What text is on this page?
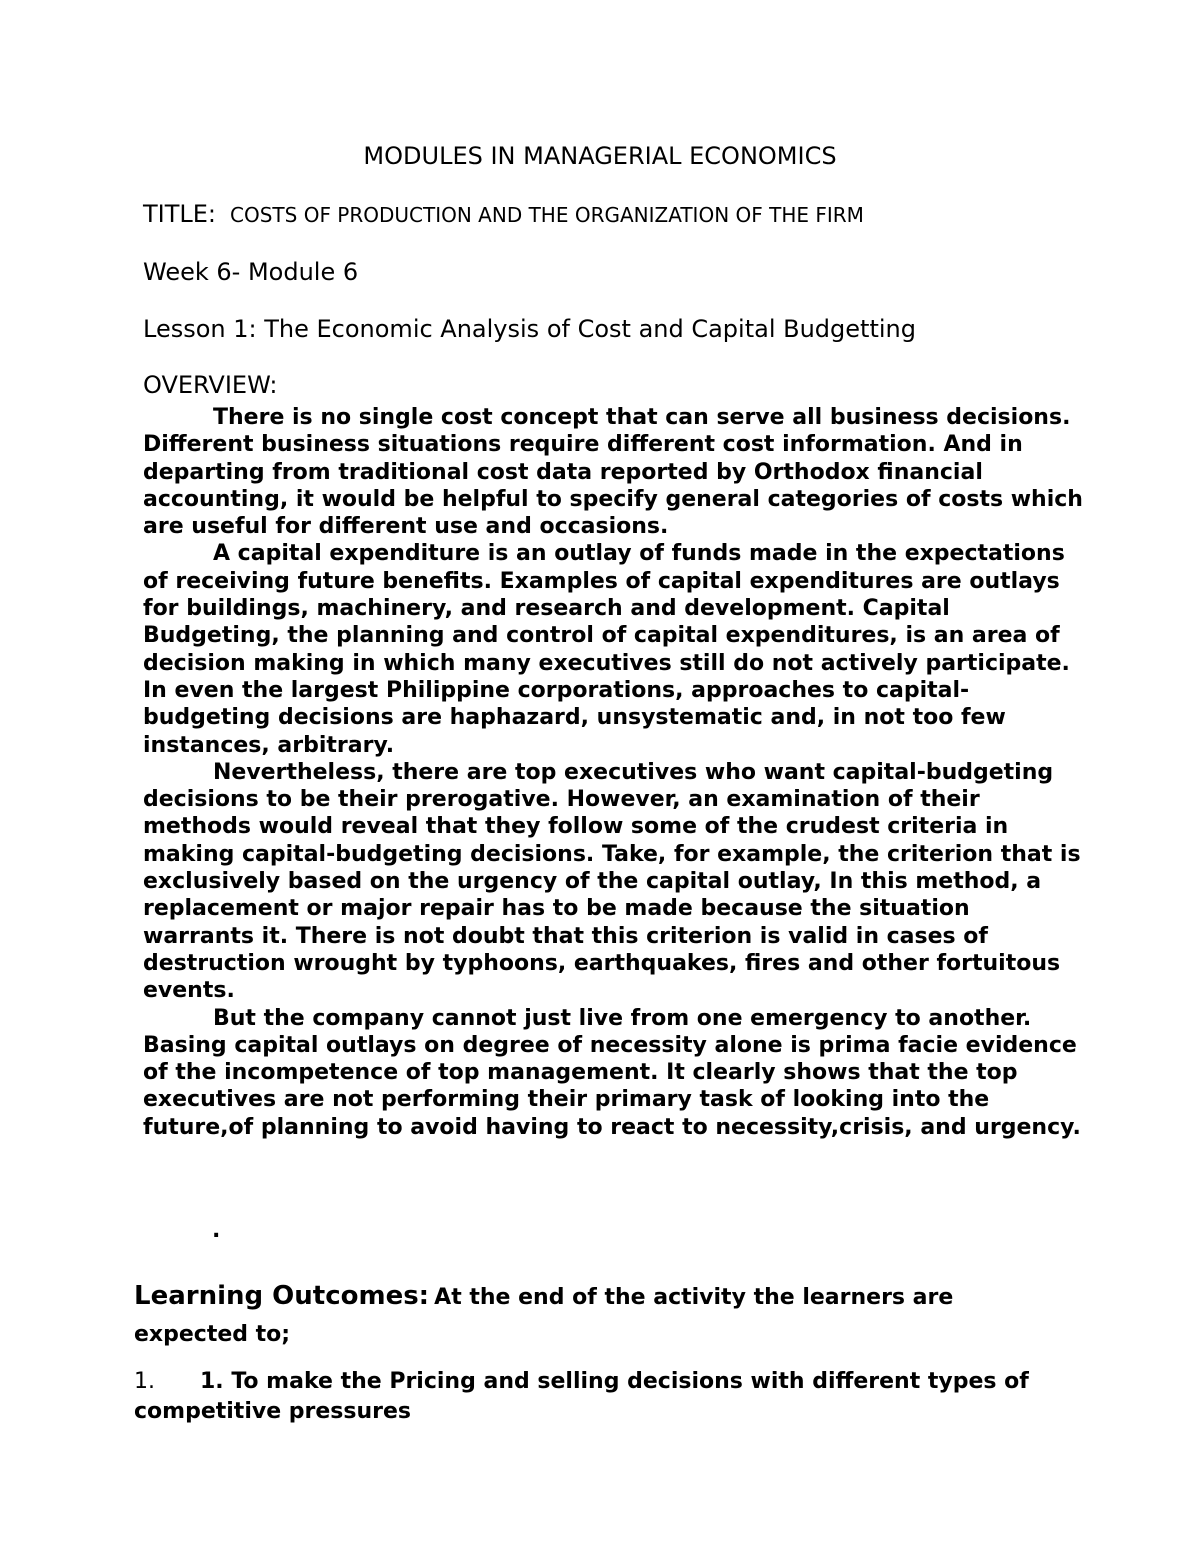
MODULES IN MANAGERIAL ECONOMICS
TITLE: COSTS OF PRODUCTION AND THE ORGANIZATION OF THE FIRM
Week 6- Module 6
Lesson 1: The Economic Analysis of Cost and Capital Budgetting
OVERVIEW:

There is no single cost concept that can serve all business decisions. Different business situations require different cost information. And in departing from traditional cost data reported by Orthodox financial accounting, it would be helpful to specify general categories of costs which are useful for different use and occasions.

A capital expenditure is an outlay of funds made in the expectations of receiving future benefits. Examples of capital expenditures are outlays for buildings, machinery, and research and development. Capital Budgeting, the planning and control of capital expenditures, is an area of decision making in which many executives still do not actively participate. In even the largest Philippine corporations, approaches to capital-budgeting decisions are haphazard, unsystematic and, in not too few instances, arbitrary.

Nevertheless, there are top executives who want capital-budgeting decisions to be their prerogative. However, an examination of their methods would reveal that they follow some of the crudest criteria in making capital-budgeting decisions. Take, for example, the criterion that is exclusively based on the urgency of the capital outlay, In this method, a replacement or major repair has to be made because the situation warrants it. There is not doubt that this criterion is valid in cases of destruction wrought by typhoons, earthquakes, fires and other fortuitous events.

But the company cannot just live from one emergency to another. Basing capital outlays on degree of necessity alone is prima facie evidence of the incompetence of top management. It clearly shows that the top executives are not performing their primary task of looking into the future,of planning to avoid having to react to necessity,crisis, and urgency.

.
Learning Outcomes: At the end of the activity the learners are expected to;
1. 1. To make the Pricing and selling decisions with different types of competitive pressures
